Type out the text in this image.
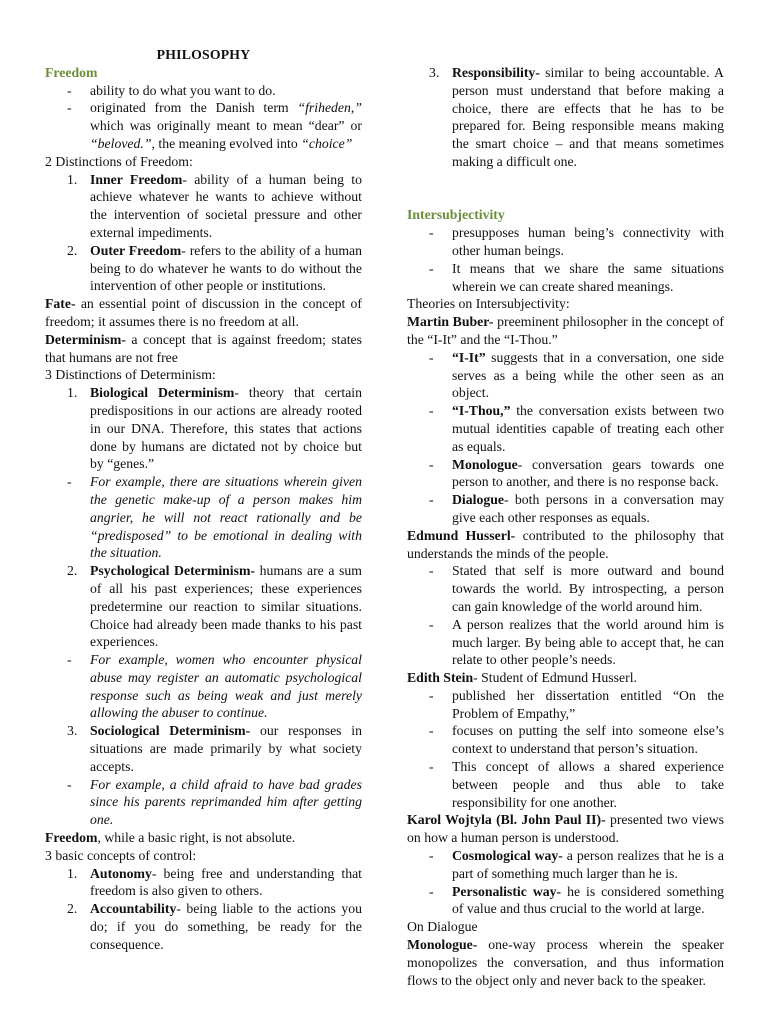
PHILOSOPHY
Freedom
- ability to do what you want to do.
- originated from the Danish term “friheden,” which was originally meant to mean “dear” or “beloved.”, the meaning evolved into “choice”
2 Distinctions of Freedom:
1. Inner Freedom- ability of a human being to achieve whatever he wants to achieve without the intervention of societal pressure and other external impediments.
2. Outer Freedom- refers to the ability of a human being to do whatever he wants to do without the intervention of other people or institutions.
Fate- an essential point of discussion in the concept of freedom; it assumes there is no freedom at all.
Determinism- a concept that is against freedom; states that humans are not free
3 Distinctions of Determinism:
1. Biological Determinism- theory that certain predispositions in our actions are already rooted in our DNA. Therefore, this states that actions done by humans are dictated not by choice but by “genes.”
- For example, there are situations wherein given the genetic make-up of a person makes him angrier, he will not react rationally and be “predisposed” to be emotional in dealing with the situation.
2. Psychological Determinism- humans are a sum of all his past experiences; these experiences predetermine our reaction to similar situations. Choice had already been made thanks to his past experiences.
- For example, women who encounter physical abuse may register an automatic psychological response such as being weak and just merely allowing the abuser to continue.
3. Sociological Determinism- our responses in situations are made primarily by what society accepts.
- For example, a child afraid to have bad grades since his parents reprimanded him after getting one.
Freedom, while a basic right, is not absolute.
3 basic concepts of control:
1. Autonomy- being free and understanding that freedom is also given to others.
2. Accountability- being liable to the actions you do; if you do something, be ready for the consequence.
3. Responsibility- similar to being accountable. A person must understand that before making a choice, there are effects that he has to be prepared for. Being responsible means making the smart choice – and that means sometimes making a difficult one.
Intersubjectivity
- presupposes human being’s connectivity with other human beings.
- It means that we share the same situations wherein we can create shared meanings.
Theories on Intersubjectivity:
Martin Buber- preeminent philosopher in the concept of the “I-It” and the “I-Thou.”
- “I-It” suggests that in a conversation, one side serves as a being while the other seen as an object.
- “I-Thou,” the conversation exists between two mutual identities capable of treating each other as equals.
- Monologue- conversation gears towards one person to another, and there is no response back.
- Dialogue- both persons in a conversation may give each other responses as equals.
Edmund Husserl- contributed to the philosophy that understands the minds of the people.
- Stated that self is more outward and bound towards the world. By introspecting, a person can gain knowledge of the world around him.
- A person realizes that the world around him is much larger. By being able to accept that, he can relate to other people’s needs.
Edith Stein- Student of Edmund Husserl.
- published her dissertation entitled “On the Problem of Empathy,”
- focuses on putting the self into someone else’s context to understand that person’s situation.
- This concept of allows a shared experience between people and thus able to take responsibility for one another.
Karol Wojtyla (Bl. John Paul II)- presented two views on how a human person is understood.
- Cosmological way- a person realizes that he is a part of something much larger than he is.
- Personalistic way- he is considered something of value and thus crucial to the world at large.
On Dialogue
Monologue- one-way process wherein the speaker monopolizes the conversation, and thus information flows to the object only and never back to the speaker.
